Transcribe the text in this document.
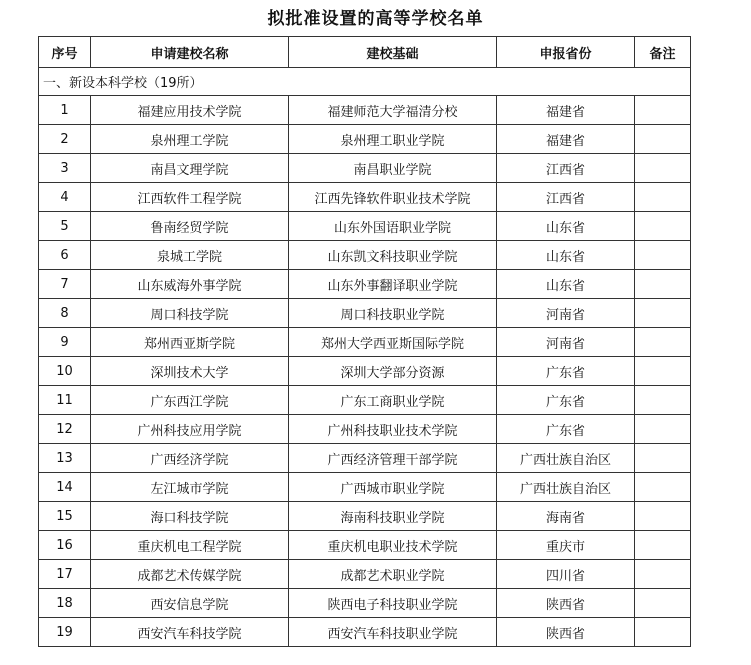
拟批准设置的高等学校名单
序号	申请建校名称	建校基础	申报省份	备注
一、新设本科学校（19所）				
1	福建应用技术学院	福建师范大学福清分校	福建省	
2	泉州理工学院	泉州理工职业学院	福建省	
3	南昌文理学院	南昌职业学院	江西省	
4	江西软件工程学院	江西先锋软件职业技术学院	江西省	
5	鲁南经贸学院	山东外国语职业学院	山东省	
6	泉城工学院	山东凯文科技职业学院	山东省	
7	山东威海外事学院	山东外事翻译职业学院	山东省	
8	周口科技学院	周口科技职业学院	河南省	
9	郑州西亚斯学院	郑州大学西亚斯国际学院	河南省	
10	深圳技术大学	深圳大学部分资源	广东省	
11	广东西江学院	广东工商职业学院	广东省	
12	广州科技应用学院	广州科技职业技术学院	广东省	
13	广西经济学院	广西经济管理干部学院	广西壮族自治区	
14	左江城市学院	广西城市职业学院	广西壮族自治区	
15	海口科技学院	海南科技职业学院	海南省	
16	重庆机电工程学院	重庆机电职业技术学院	重庆市	
17	成都艺术传媒学院	成都艺术职业学院	四川省	
18	西安信息学院	陕西电子科技职业学院	陕西省	
19	西安汽车科技学院	西安汽车科技职业学院	陕西省	
